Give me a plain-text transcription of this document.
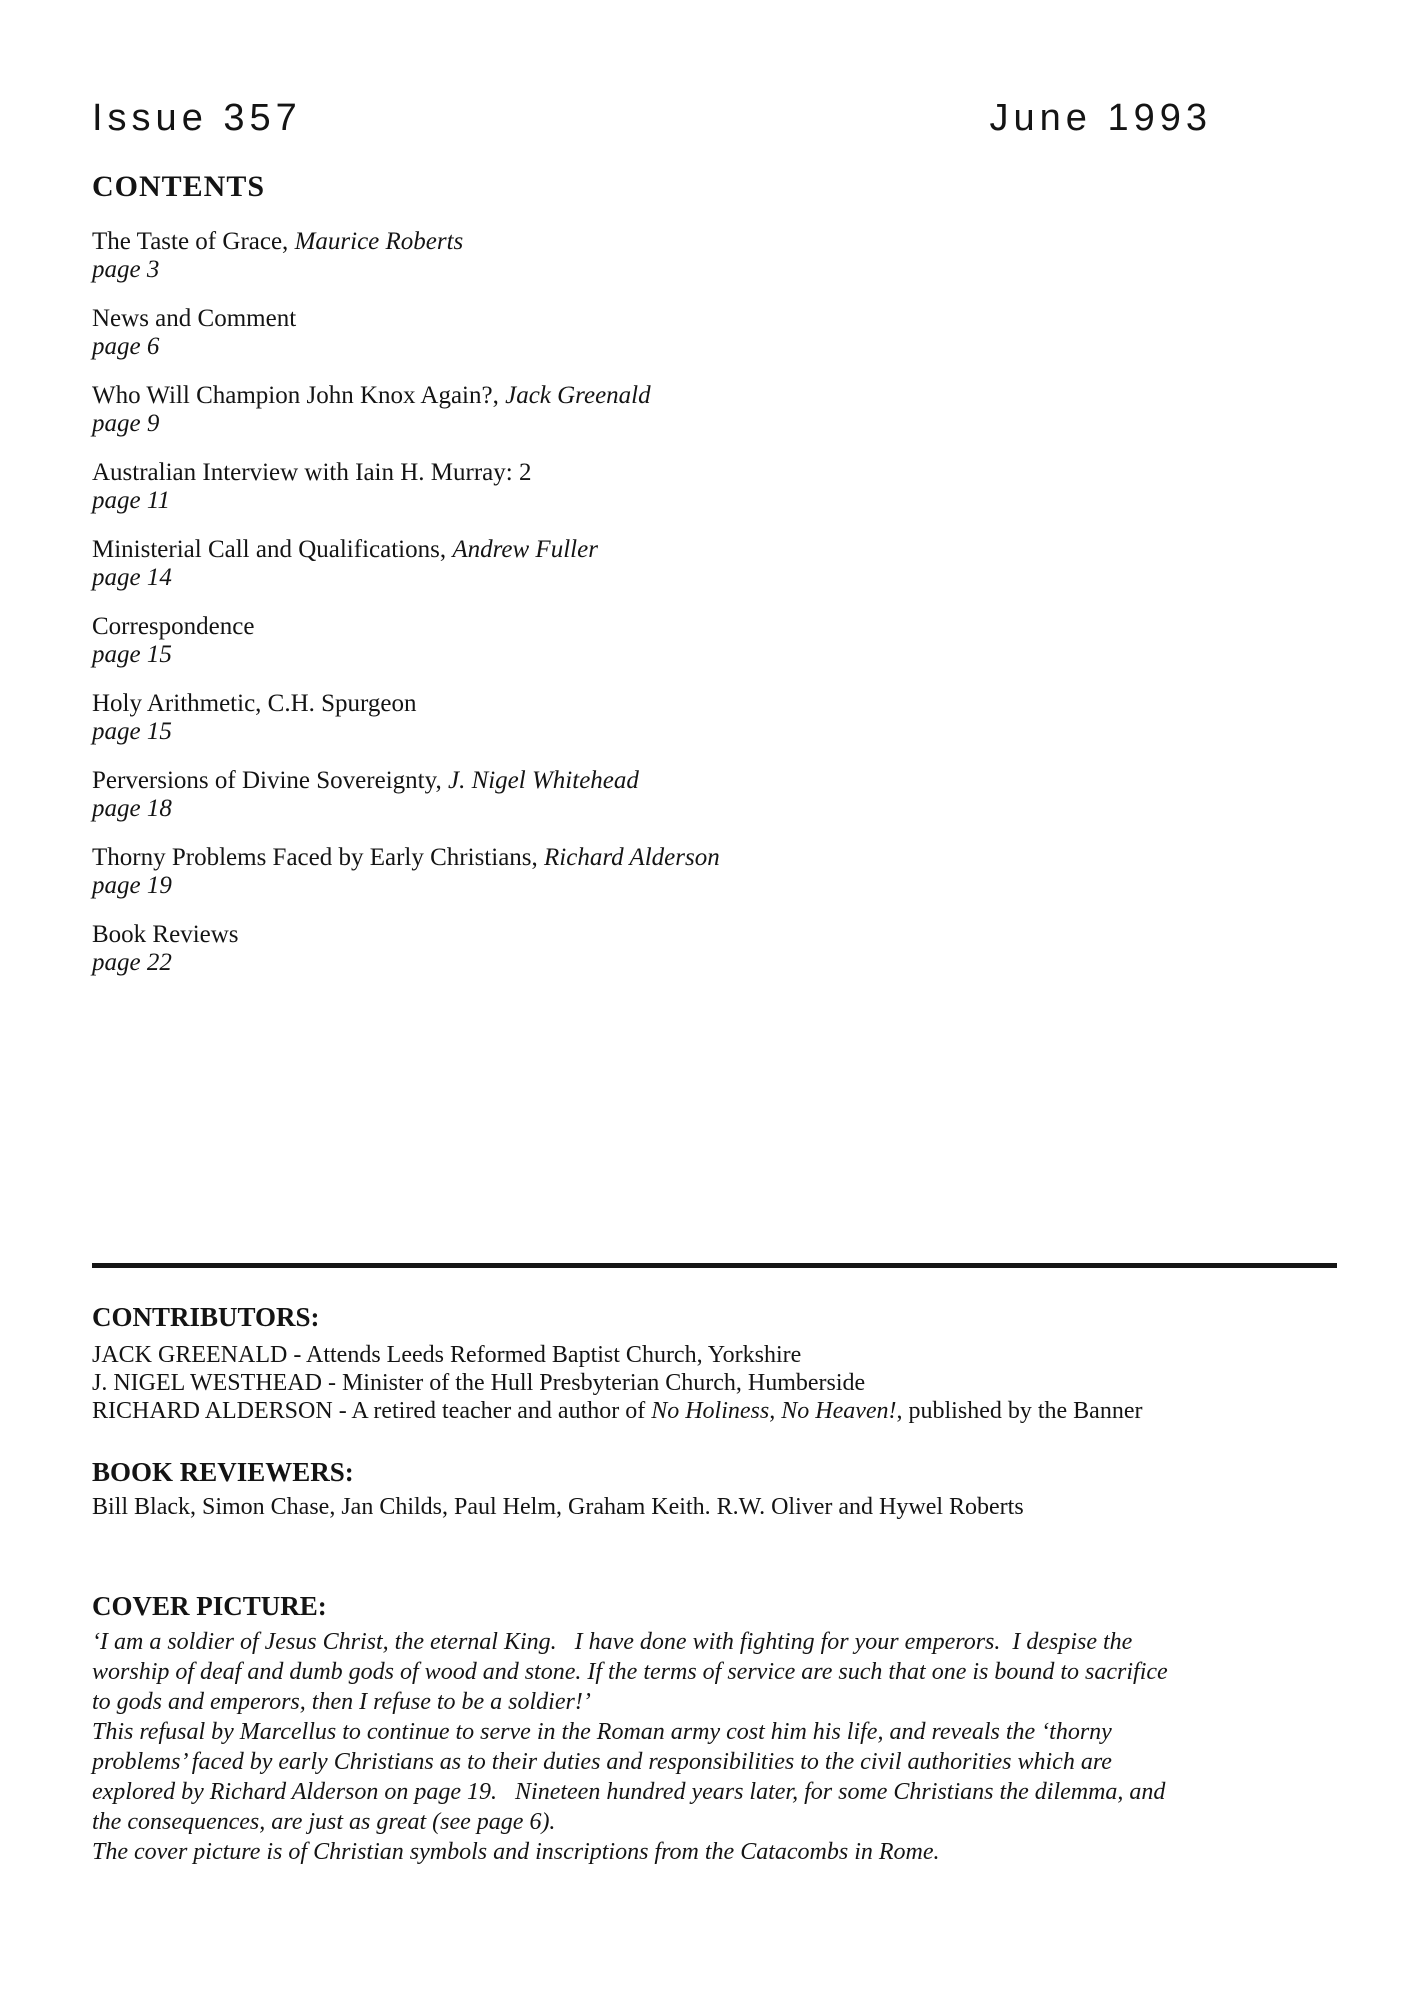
Issue 357	June 1993
CONTENTS
The Taste of Grace, Maurice Roberts
page 3
News and Comment
page 6
Who Will Champion John Knox Again?, Jack Greenald
page 9
Australian Interview with Iain H. Murray: 2
page 11
Ministerial Call and Qualifications, Andrew Fuller
page 14
Correspondence
page 15
Holy Arithmetic, C.H. Spurgeon
page 15
Perversions of Divine Sovereignty, J. Nigel Whitehead
page 18
Thorny Problems Faced by Early Christians, Richard Alderson
page 19
Book Reviews
page 22
CONTRIBUTORS:
JACK GREENALD - Attends Leeds Reformed Baptist Church, Yorkshire
J. NIGEL WESTHEAD - Minister of the Hull Presbyterian Church, Humberside
RICHARD ALDERSON - A retired teacher and author of No Holiness, No Heaven!, published by the Banner
BOOK REVIEWERS:
Bill Black, Simon Chase, Jan Childs, Paul Helm, Graham Keith. R.W. Oliver and Hywel Roberts
COVER PICTURE:
‘I am a soldier of Jesus Christ, the eternal King.   I have done with fighting for your emperors.  I despise the
worship of deaf and dumb gods of wood and stone. If the terms of service are such that one is bound to sacrifice
to gods and emperors, then I refuse to be a soldier!’
This refusal by Marcellus to continue to serve in the Roman army cost him his life, and reveals the ‘thorny
problems’ faced by early Christians as to their duties and responsibilities to the civil authorities which are
explored by Richard Alderson on page 19.   Nineteen hundred years later, for some Christians the dilemma, and
the consequences, are just as great (see page 6).
The cover picture is of Christian symbols and inscriptions from the Catacombs in Rome.
